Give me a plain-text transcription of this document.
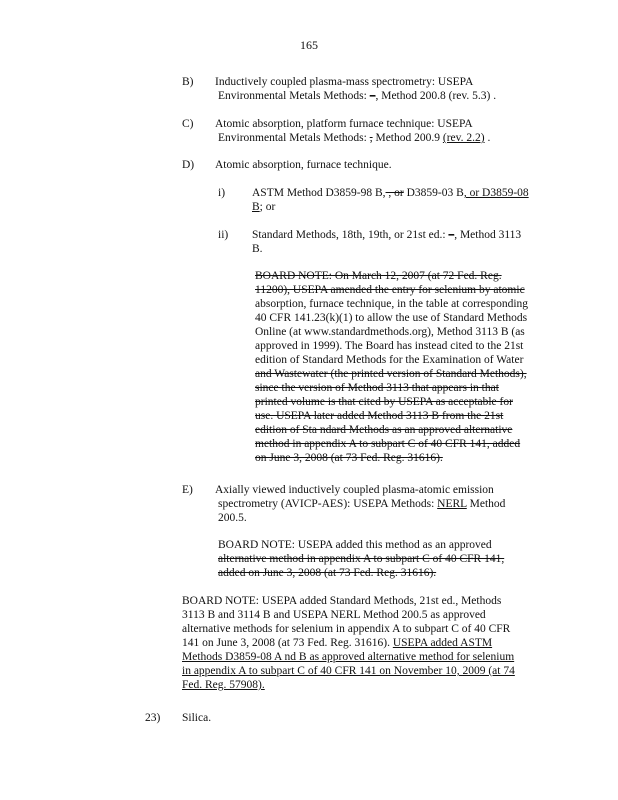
165
B) Inductively coupled plasma-mass spectrometry: USEPA
Environmental Metals Methods: –, Method 200.8 (rev. 5.3) .
C) Atomic absorption, platform furnace technique: USEPA
Environmental Metals Methods: , Method 200.9 (rev. 2.2) .
D) Atomic absorption, furnace technique.
i) ASTM Method D3859-98 B, , or D3859-03 B, or D3859-08
B; or
ii) Standard Methods, 18th, 19th, or 21st ed.: –, Method 3113
B.
BOARD NOTE: On March 12, 2007 (at 72 Fed. Reg.
11200), USEPA amended the entry for selenium by atomic
absorption, furnace technique, in the table at corresponding
40 CFR 141.23(k)(1) to allow the use of Standard Methods
Online (at www.standardmethods.org), Method 3113 B (as
approved in 1999). The Board has instead cited to the 21st
edition of Standard Methods for the Examination of Water
and Wastewater (the printed version of Standard Methods),
since the version of Method 3113 that appears in that
printed volume is that cited by USEPA as acceptable for
use. USEPA later added Method 3113 B from the 21st
edition of Sta ndard Methods as an approved alternative
method in appendix A to subpart C of 40 CFR 141, added
on June 3, 2008 (at 73 Fed. Reg. 31616).
E) Axially viewed inductively coupled plasma-atomic emission
spectrometry (AVICP-AES): USEPA Methods: NERL Method
200.5.
BOARD NOTE: USEPA added this method as an approved
alternative method in appendix A to subpart C of 40 CFR 141,
added on June 3, 2008 (at 73 Fed. Reg. 31616).
BOARD NOTE: USEPA added Standard Methods, 21st ed., Methods
3113 B and 3114 B and USEPA NERL Method 200.5 as approved
alternative methods for selenium in appendix A to subpart C of 40 CFR
141 on June 3, 2008 (at 73 Fed. Reg. 31616). USEPA added ASTM
Methods D3859-08 A nd B as approved alternative method for selenium
in appendix A to subpart C of 40 CFR 141 on November 10, 2009 (at 74
Fed. Reg. 57908).
23) Silica.
